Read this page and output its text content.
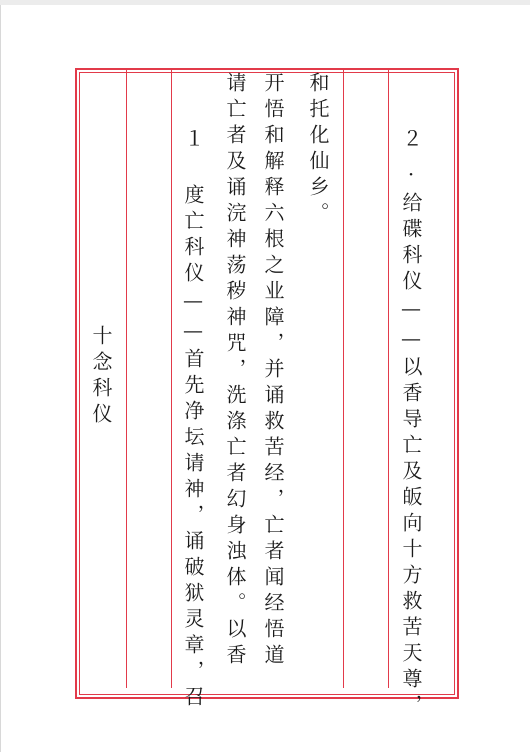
十念科仪
２
·给碟科仪——以香导亡及皈向十方救苦天尊，
和托化仙乡。
开悟和解释六根之业障，并诵救苦经，亡者闻经悟道
请亡者及诵浣神荡秽神咒，洗涤亡者幻身浊体。以香
１ 度亡科仪——首先净坛请神，诵破狱灵章，召
